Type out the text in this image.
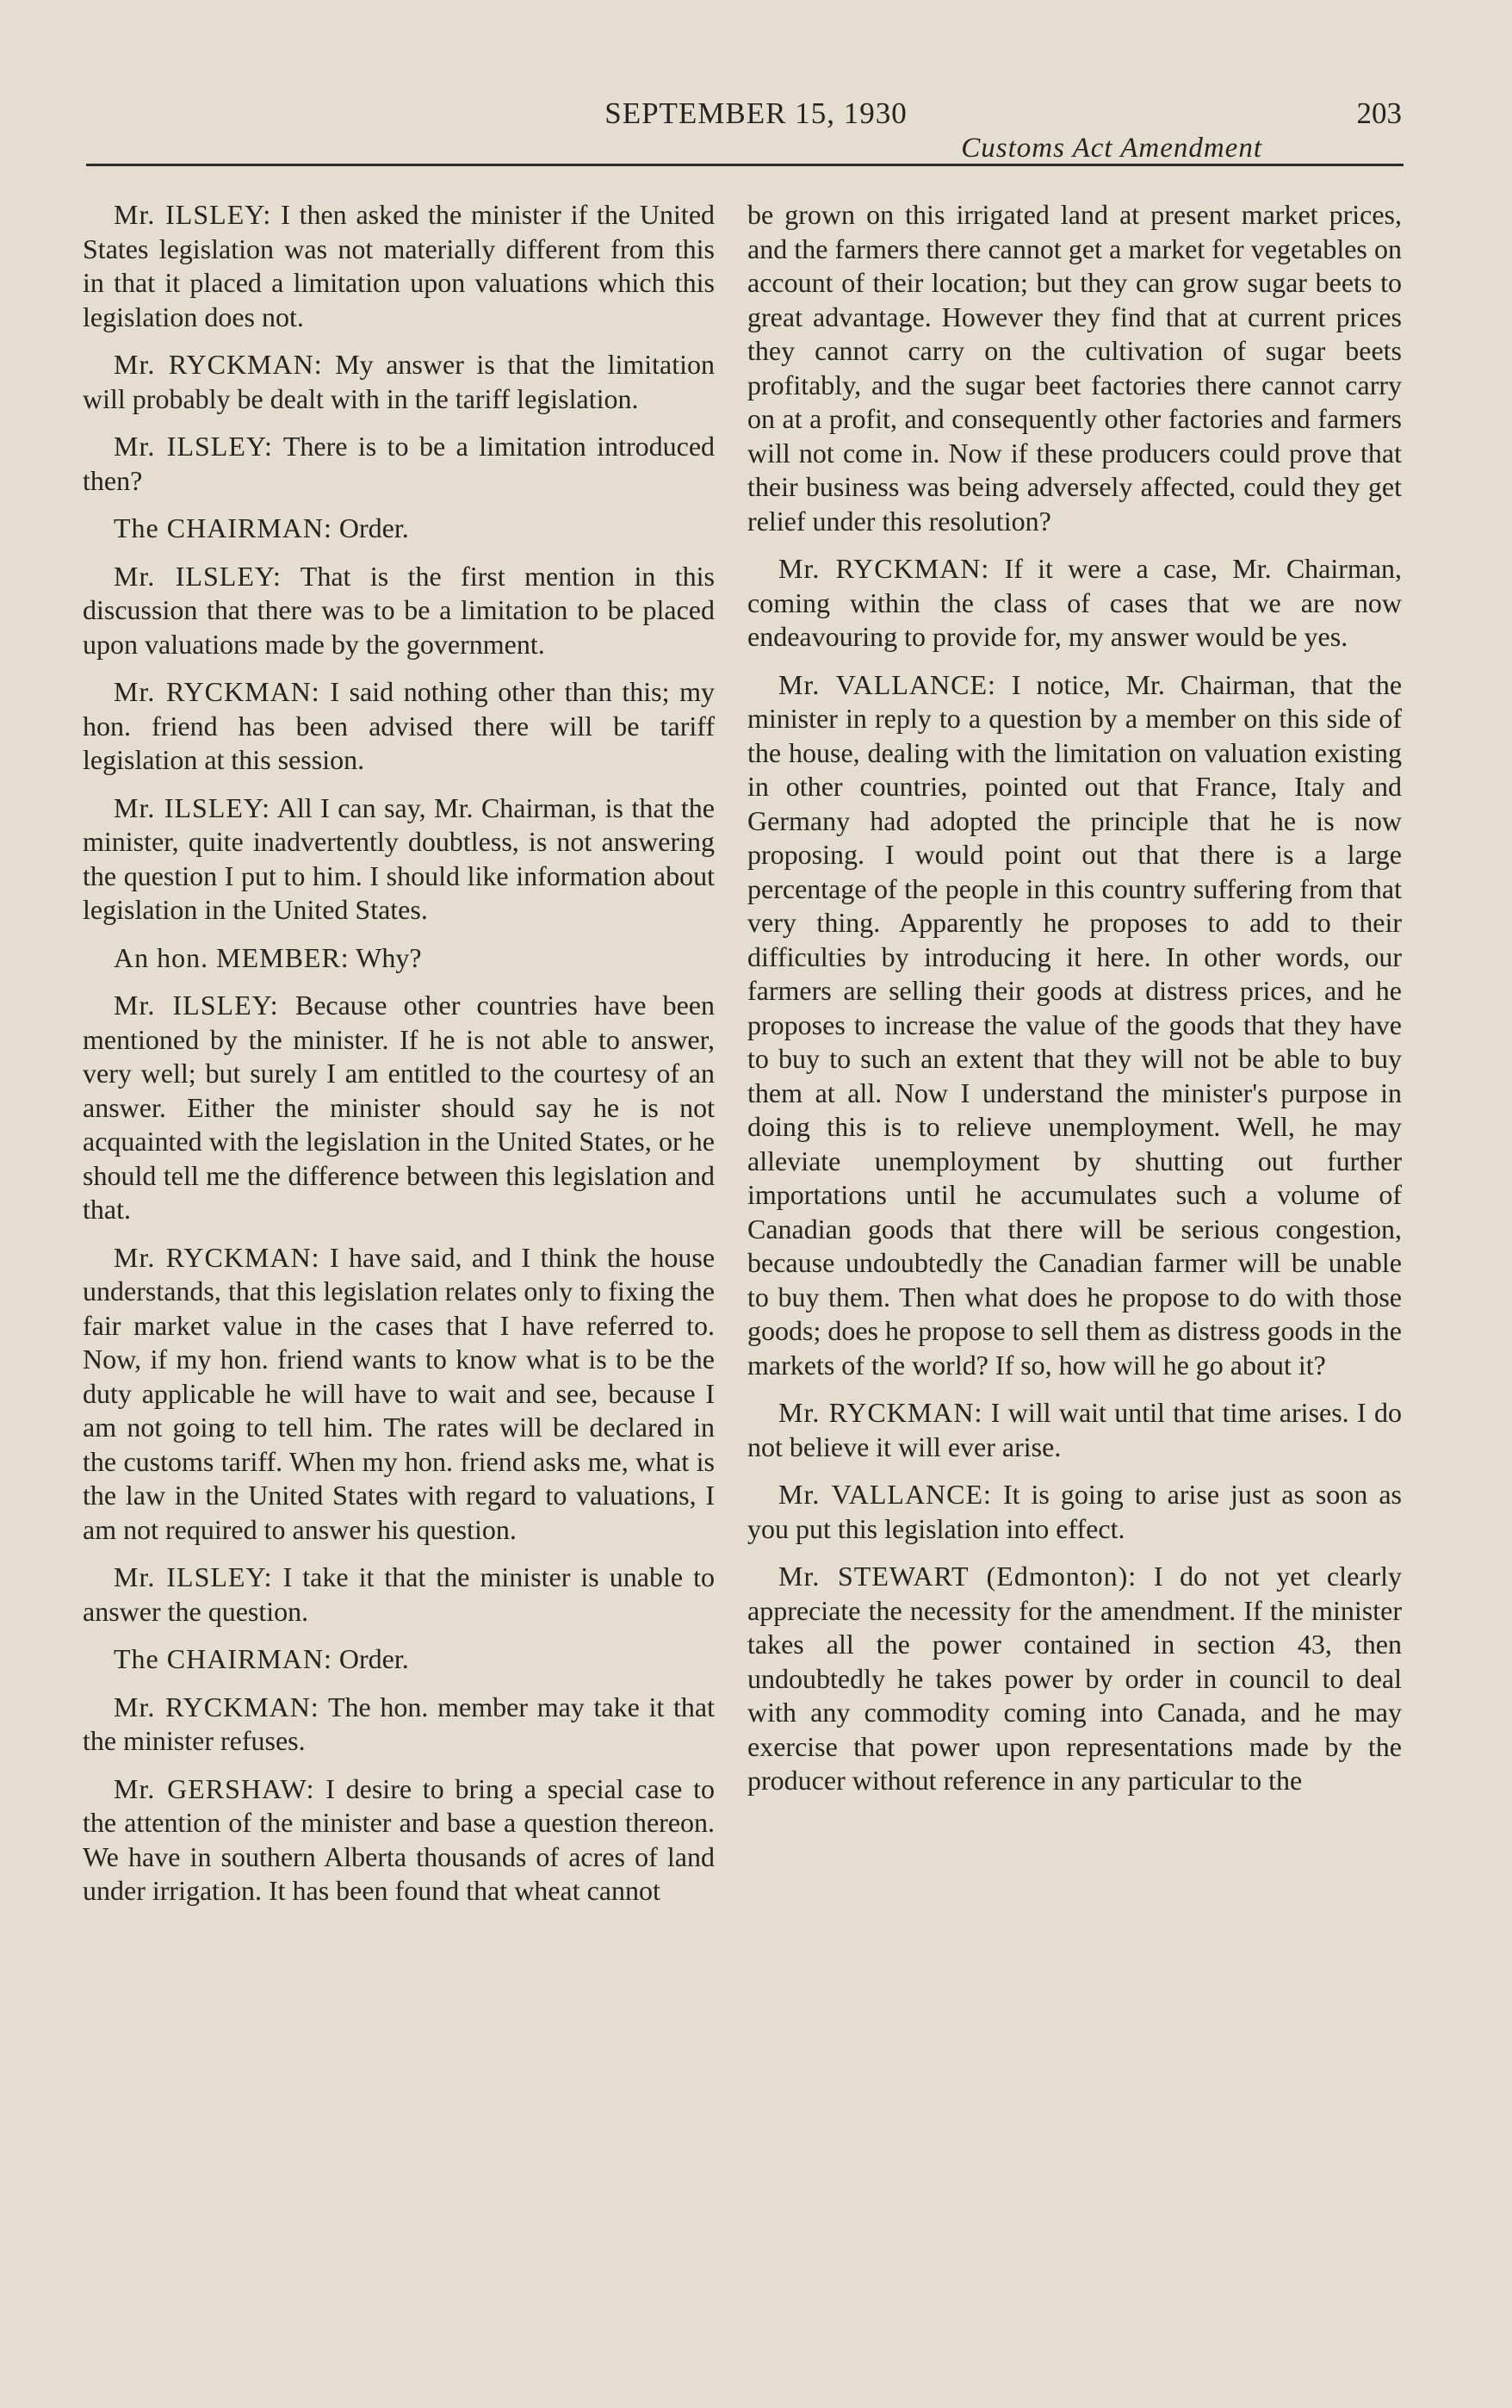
SEPTEMBER 15, 1930	203
Customs Act Amendment

Mr. ILSLEY: I then asked the minister if the United States legislation was not materially different from this in that it placed a limitation upon valuations which this legislation does not.

Mr. RYCKMAN: My answer is that the limitation will probably be dealt with in the tariff legislation.

Mr. ILSLEY: There is to be a limitation introduced then?

The CHAIRMAN: Order.

Mr. ILSLEY: That is the first mention in this discussion that there was to be a limitation to be placed upon valuations made by the government.

Mr. RYCKMAN: I said nothing other than this; my hon. friend has been advised there will be tariff legislation at this session.

Mr. ILSLEY: All I can say, Mr. Chairman, is that the minister, quite inadvertently doubtless, is not answering the question I put to him. I should like information about legislation in the United States.

An hon. MEMBER: Why?

Mr. ILSLEY: Because other countries have been mentioned by the minister. If he is not able to answer, very well; but surely I am entitled to the courtesy of an answer. Either the minister should say he is not acquainted with the legislation in the United States, or he should tell me the difference between this legislation and that.

Mr. RYCKMAN: I have said, and I think the house understands, that this legislation relates only to fixing the fair market value in the cases that I have referred to. Now, if my hon. friend wants to know what is to be the duty applicable he will have to wait and see, because I am not going to tell him. The rates will be declared in the customs tariff. When my hon. friend asks me, what is the law in the United States with regard to valuations, I am not required to answer his question.

Mr. ILSLEY: I take it that the minister is unable to answer the question.

The CHAIRMAN: Order.

Mr. RYCKMAN: The hon. member may take it that the minister refuses.

Mr. GERSHAW: I desire to bring a special case to the attention of the minister and base a question thereon. We have in southern Alberta thousands of acres of land under irrigation. It has been found that wheat cannot

be grown on this irrigated land at present market prices, and the farmers there cannot get a market for vegetables on account of their location; but they can grow sugar beets to great advantage. However they find that at current prices they cannot carry on the cultivation of sugar beets profitably, and the sugar beet factories there cannot carry on at a profit, and consequently other factories and farmers will not come in. Now if these producers could prove that their business was being adversely affected, could they get relief under this resolution?

Mr. RYCKMAN: If it were a case, Mr. Chairman, coming within the class of cases that we are now endeavouring to provide for, my answer would be yes.

Mr. VALLANCE: I notice, Mr. Chairman, that the minister in reply to a question by a member on this side of the house, dealing with the limitation on valuation existing in other countries, pointed out that France, Italy and Germany had adopted the principle that he is now proposing. I would point out that there is a large percentage of the people in this country suffering from that very thing. Apparently he proposes to add to their difficulties by introducing it here. In other words, our farmers are selling their goods at distress prices, and he proposes to increase the value of the goods that they have to buy to such an extent that they will not be able to buy them at all. Now I understand the minister's purpose in doing this is to relieve unemployment. Well, he may alleviate unemployment by shutting out further importations until he accumulates such a volume of Canadian goods that there will be serious congestion, because undoubtedly the Canadian farmer will be unable to buy them. Then what does he propose to do with those goods; does he propose to sell them as distress goods in the markets of the world? If so, how will he go about it?

Mr. RYCKMAN: I will wait until that time arises. I do not believe it will ever arise.

Mr. VALLANCE: It is going to arise just as soon as you put this legislation into effect.

Mr. STEWART (Edmonton): I do not yet clearly appreciate the necessity for the amendment. If the minister takes all the power contained in section 43, then undoubtedly he takes power by order in council to deal with any commodity coming into Canada, and he may exercise that power upon representations made by the producer without reference in any particular to the
